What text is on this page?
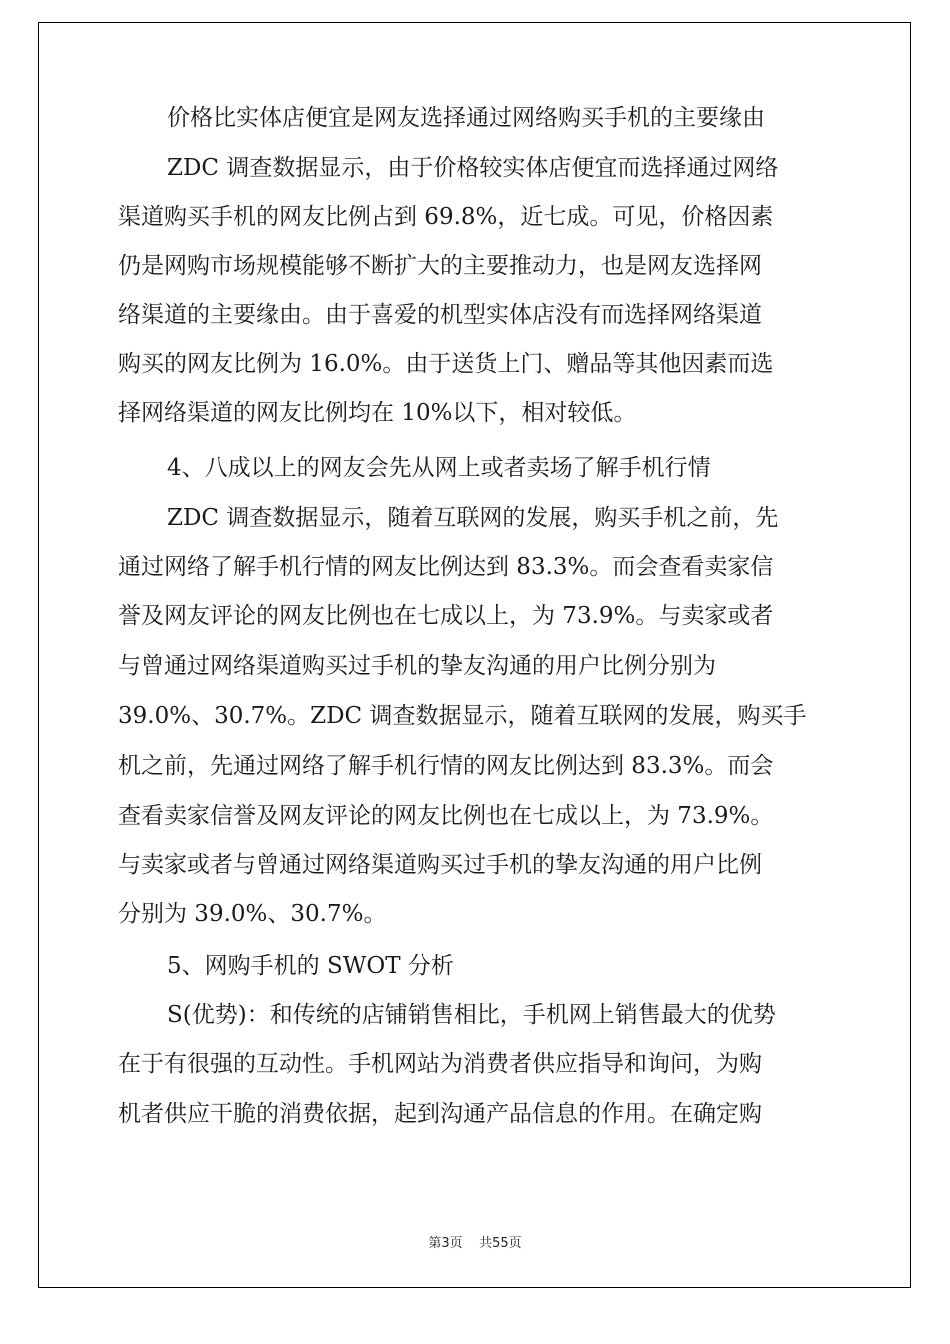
价格比实体店便宜是网友选择通过网络购买手机的主要缘由
ZDC 调查数据显示，由于价格较实体店便宜而选择通过网络
渠道购买手机的网友比例占到 69.8%，近七成。可见，价格因素
仍是网购市场规模能够不断扩大的主要推动力，也是网友选择网
络渠道的主要缘由。由于喜爱的机型实体店没有而选择网络渠道
购买的网友比例为 16.0%。由于送货上门、赠品等其他因素而选
择网络渠道的网友比例均在 10%以下，相对较低。
4、八成以上的网友会先从网上或者卖场了解手机行情
ZDC 调查数据显示，随着互联网的发展，购买手机之前，先
通过网络了解手机行情的网友比例达到 83.3%。而会查看卖家信
誉及网友评论的网友比例也在七成以上，为 73.9%。与卖家或者
与曾通过网络渠道购买过手机的挚友沟通的用户比例分别为
39.0%、30.7%。ZDC 调查数据显示，随着互联网的发展，购买手
机之前，先通过网络了解手机行情的网友比例达到 83.3%。而会
查看卖家信誉及网友评论的网友比例也在七成以上，为 73.9%。
与卖家或者与曾通过网络渠道购买过手机的挚友沟通的用户比例
分别为 39.0%、30.7%。
5、网购手机的 SWOT 分析
S(优势)：和传统的店铺销售相比，手机网上销售最大的优势
在于有很强的互动性。手机网站为消费者供应指导和询问，为购
机者供应干脆的消费依据，起到沟通产品信息的作用。在确定购
第3页    共55页
